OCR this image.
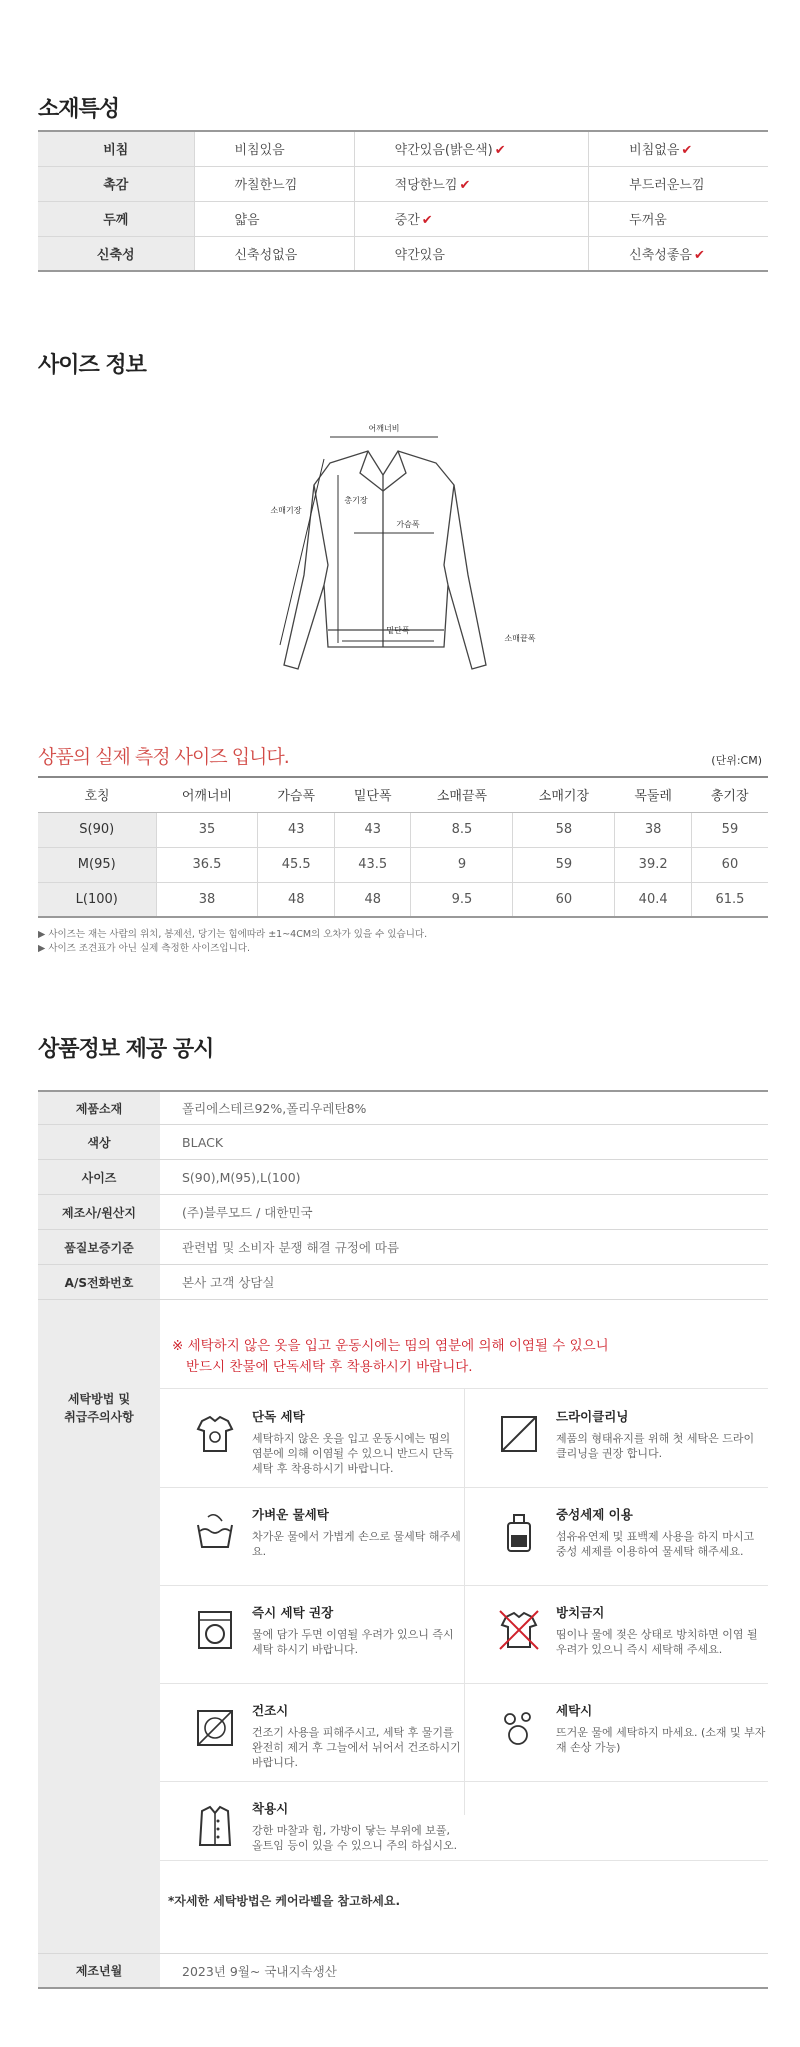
소재특성
비침	비침있음	약간있음(밝은색) ✔	비침없음 ✔
촉감	까칠한느낌	적당한느낌 ✔	부드러운느낌
두께	얇음	중간 ✔	두꺼움
신축성	신축성없음	약간있음	신축성좋음 ✔
사이즈 정보
어깨너비
소매기장
총기장
가슴폭
밑단폭
소매끝폭
상품의 실제 측정 사이즈 입니다.	(단위:CM)
호칭	어깨너비	가슴폭	밑단폭	소매끝폭	소매기장	목둘레	총기장
S(90)	35	43	43	8.5	58	38	59
M(95)	36.5	45.5	43.5	9	59	39.2	60
L(100)	38	48	48	9.5	60	40.4	61.5
▶ 사이즈는 재는 사람의 위치, 봉제선, 당기는 힘에따라 ±1~4CM의 오차가 있을 수 있습니다.
▶ 사이즈 조견표가 아닌 실제 측정한 사이즈입니다.
상품정보 제공 공시
제품소재	폴리에스테르92%,폴리우레탄8%
색상	BLACK
사이즈	S(90),M(95),L(100)
제조사/원산지	(주)블루모드 / 대한민국
품질보증기준	관련법 및 소비자 분쟁 해결 규정에 따름
A/S전화번호	본사 고객 상담실
세탁방법 및
취급주의사항
※ 세탁하지 않은 옷을 입고 운동시에는 띰의 염분에 의해 이염될 수 있으니
반드시 찬물에 단독세탁 후 착용하시기 바랍니다.
단독 세탁
세탁하지 않은 옷을 입고 운동시에는 띰의 염분에 의해 이염될 수 있으니 반드시 단독세탁 후 착용하시기 바랍니다.
드라이클리닝
제품의 형태유지를 위해 첫 세탁은 드라이 클리닝을 권장 합니다.
가벼운 물세탁
차가운 물에서 가볍게 손으로 물세탁 해주세요.
중성세제 이용
섬유유연제 및 표백제 사용을 하지 마시고 중성 세제를 이용하여 물세탁 해주세요.
즉시 세탁 권장
물에 담가 두면 이염될 우려가 있으니 즉시 세탁 하시기 바랍니다.
방치금지
띰이나 물에 젖은 상태로 방치하면 이염 될 우려가 있으니 즉시 세탁해 주세요.
건조시
건조기 사용을 피해주시고, 세탁 후 물기를 완전히 제거 후 그늘에서 뉘어서 건조하시기 바랍니다.
세탁시
뜨거운 물에 세탁하지 마세요. (소재 및 부자재 손상 가능)
착용시
강한 마찰과 힘, 가방이 닿는 부위에 보풀, 올트임 등이 있을 수 있으니 주의 하십시오.
*자세한 세탁방법은 케어라벨을 참고하세요.
제조년월	2023년 9월~ 국내지속생산
